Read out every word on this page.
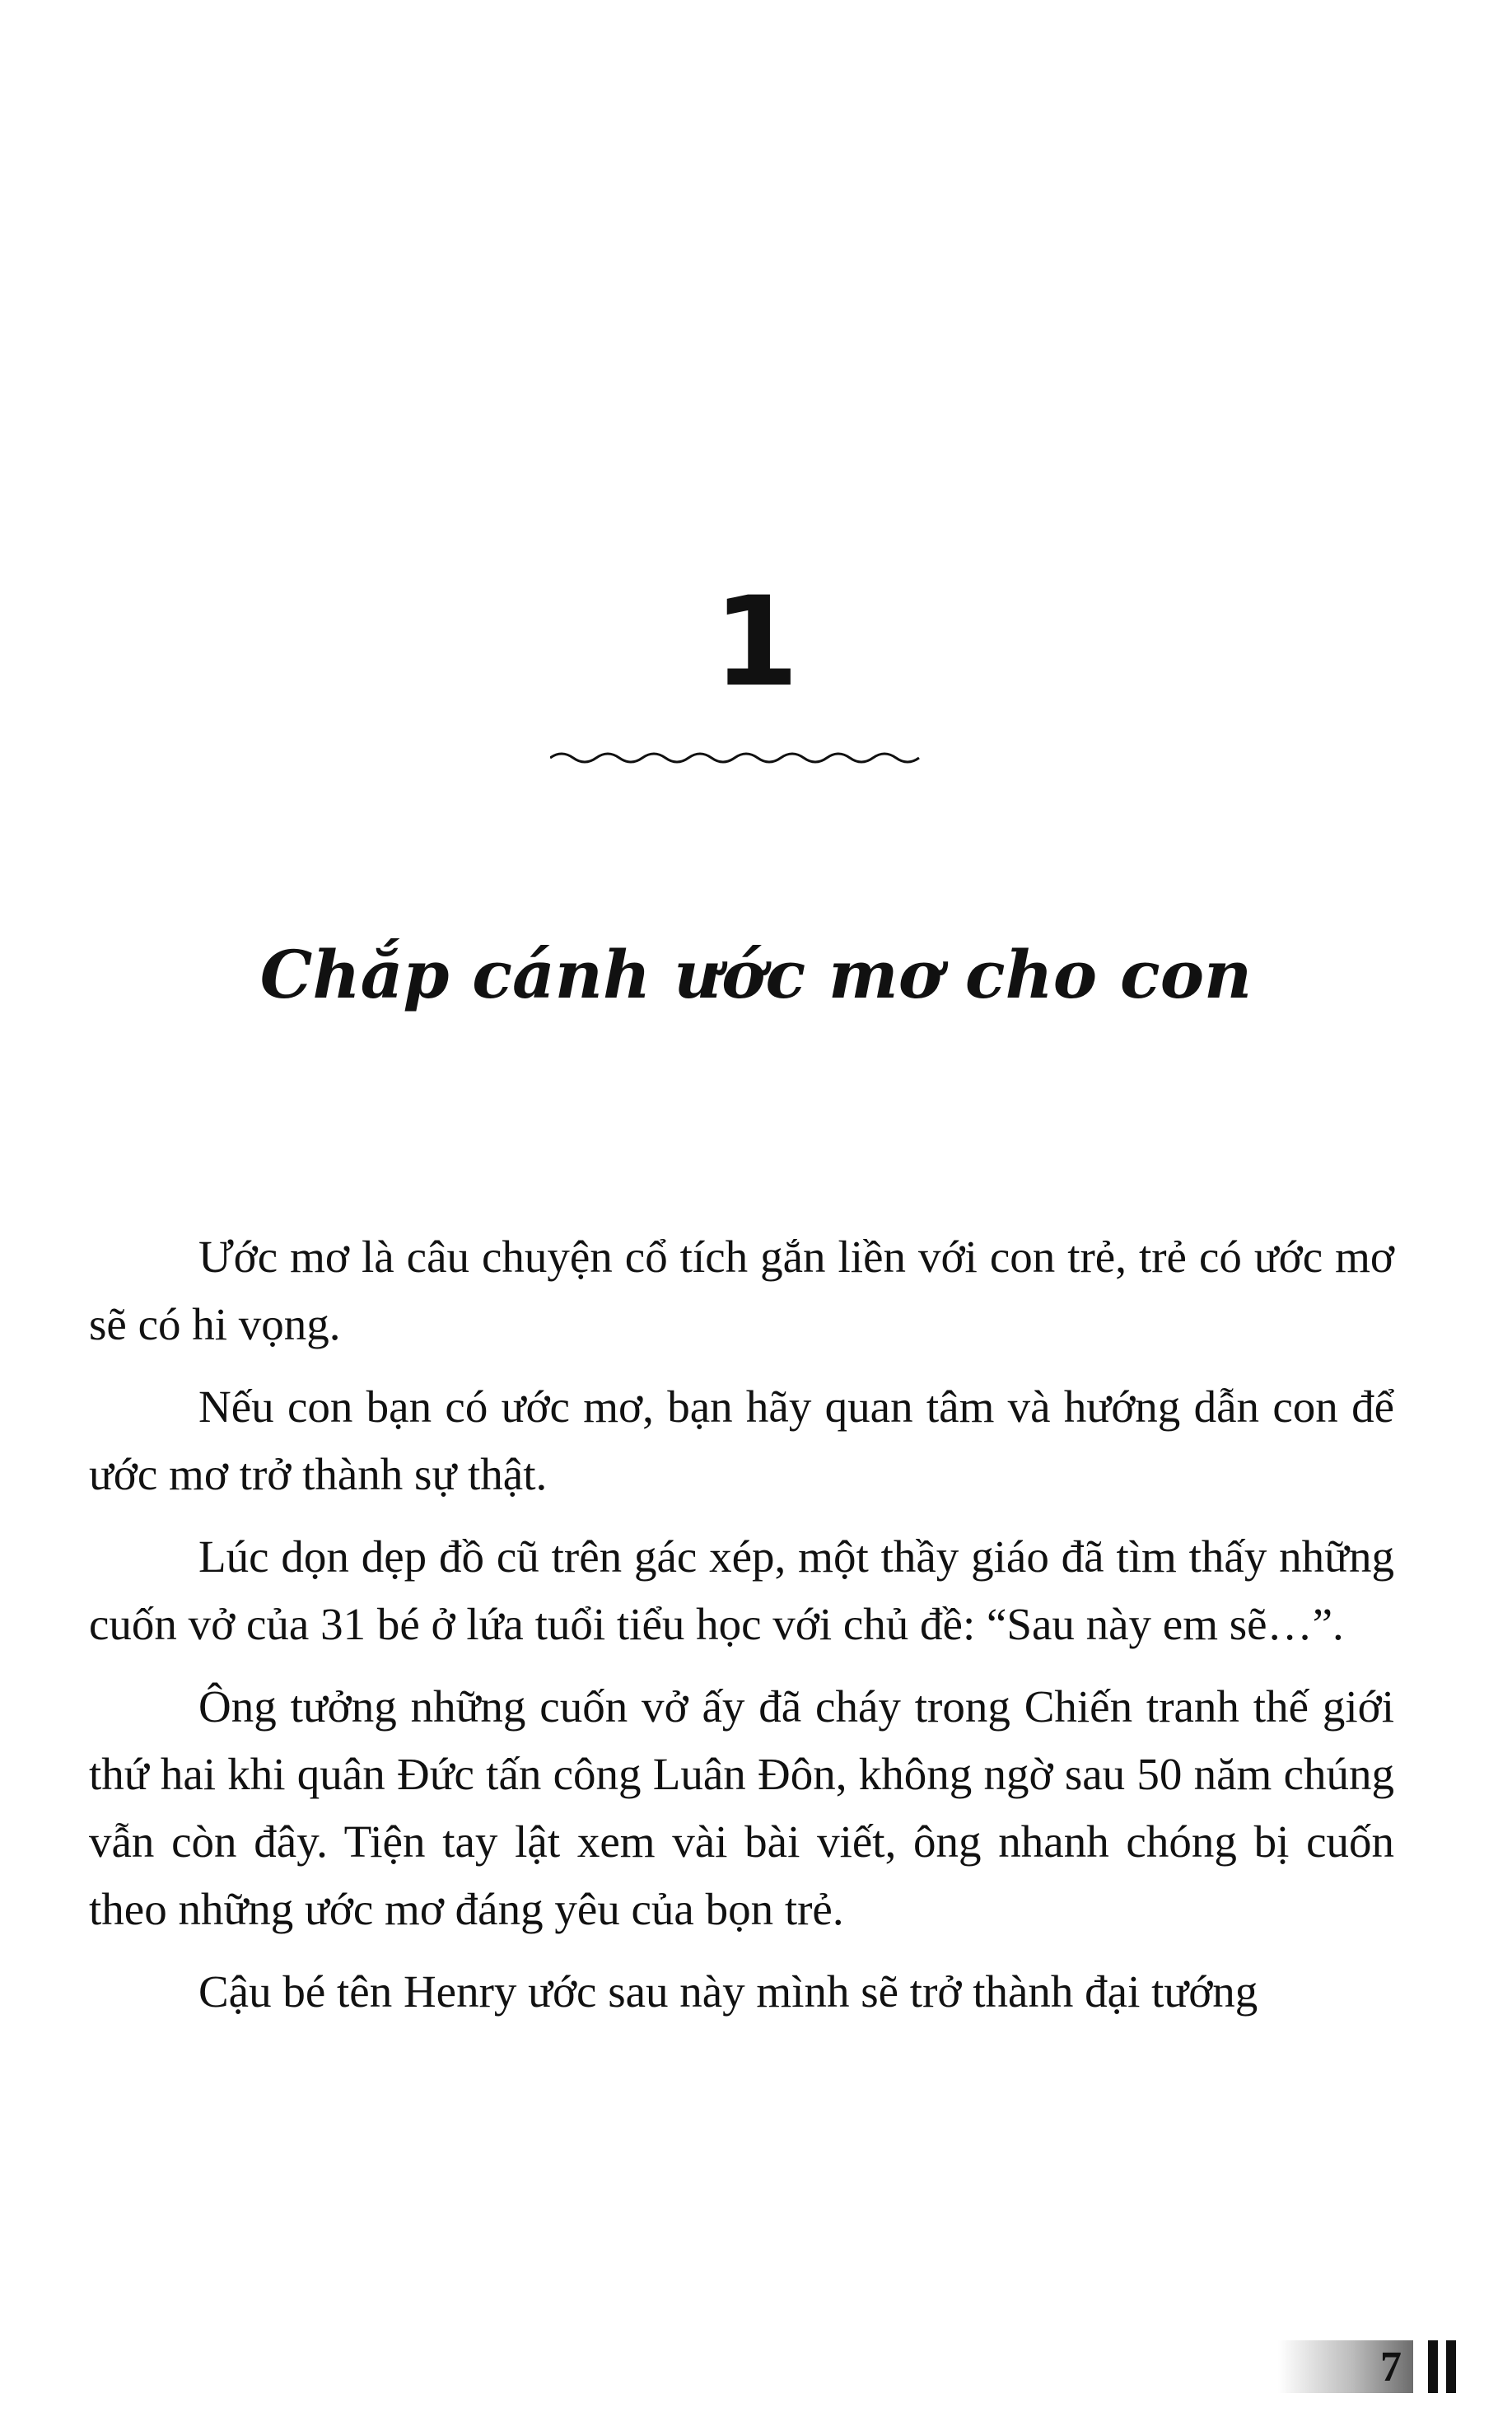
1
Chắp cánh ước mơ cho con

Ước mơ là câu chuyện cổ tích gắn liền với con trẻ, trẻ có ước mơ sẽ có hi vọng.

Nếu con bạn có ước mơ, bạn hãy quan tâm và hướng dẫn con để ước mơ trở thành sự thật.

Lúc dọn dẹp đồ cũ trên gác xép, một thầy giáo đã tìm thấy những cuốn vở của 31 bé ở lứa tuổi tiểu học với chủ đề: “Sau này em sẽ…”.

Ông tưởng những cuốn vở ấy đã cháy trong Chiến tranh thế giới thứ hai khi quân Đức tấn công Luân Đôn, không ngờ sau 50 năm chúng vẫn còn đây. Tiện tay lật xem vài bài viết, ông nhanh chóng bị cuốn theo những ước mơ đáng yêu của bọn trẻ.

Cậu bé tên Henry ước sau này mình sẽ trở thành đại tướng

7
